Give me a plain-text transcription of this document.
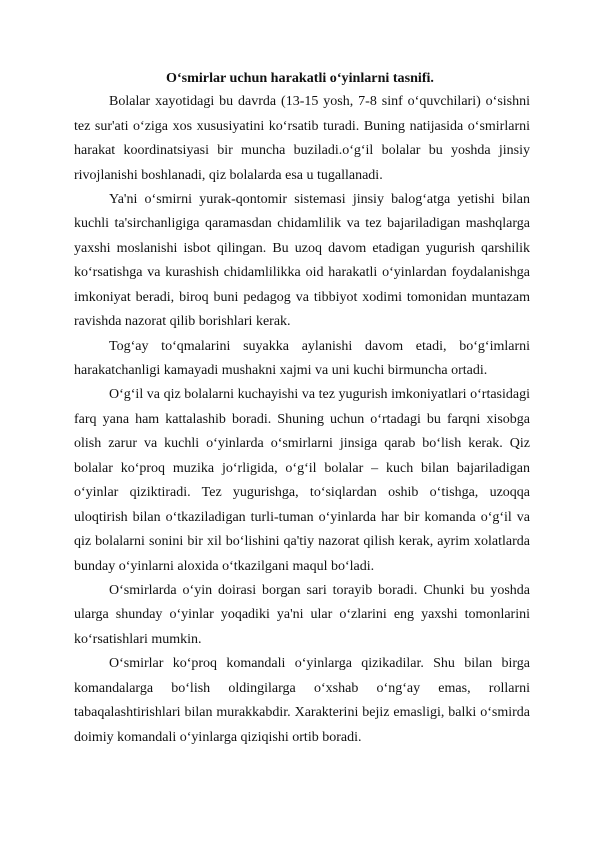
O‘smirlar uchun harakatli o‘yinlarni tasnifi.
Bolalar xayotidagi bu davrda (13-15 yosh, 7-8 sinf o‘quvchilari) o‘sishni
tez sur'ati o‘ziga xos xususiyatini ko‘rsatib turadi. Buning natijasida o‘smirlarni
harakat koordinatsiyasi bir muncha buziladi.o‘g‘il bolalar bu yoshda jinsiy
rivojlanishi boshlanadi, qiz bolalarda esa u tugallanadi.
Ya'ni o‘smirni yurak-qontomir sistemasi jinsiy balog‘atga yetishi bilan
kuchli ta'sirchanligiga qaramasdan chidamlilik va tez bajariladigan mashqlarga
yaxshi moslanishi isbot qilingan. Bu uzoq davom etadigan yugurish qarshilik
ko‘rsatishga va kurashish chidamlilikka oid harakatli o‘yinlardan foydalanishga
imkoniyat beradi, biroq buni pedagog va tibbiyot xodimi tomonidan muntazam
ravishda nazorat qilib borishlari kerak.
Tog‘ay to‘qmalarini suyakka aylanishi davom etadi, bo‘g‘imlarni
harakatchanligi kamayadi mushakni xajmi va uni kuchi birmuncha ortadi.
O‘g‘il va qiz bolalarni kuchayishi va tez yugurish imkoniyatlari o‘rtasidagi
farq yana ham kattalashib boradi. Shuning uchun o‘rtadagi bu farqni xisobga
olish zarur va kuchli o‘yinlarda o‘smirlarni jinsiga qarab bo‘lish kerak. Qiz
bolalar ko‘proq muzika jo‘rligida, o‘g‘il bolalar – kuch bilan bajariladigan
o‘yinlar qiziktiradi. Tez yugurishga, to‘siqlardan oshib o‘tishga, uzoqqa
uloqtirish bilan o‘tkaziladigan turli-tuman o‘yinlarda har bir komanda o‘g‘il va
qiz bolalarni sonini bir xil bo‘lishini qa'tiy nazorat qilish kerak, ayrim xolatlarda
bunday o‘yinlarni aloxida o‘tkazilgani maqul bo‘ladi.
O‘smirlarda o‘yin doirasi borgan sari torayib boradi. Chunki bu yoshda
ularga shunday o‘yinlar yoqadiki ya'ni ular o‘zlarini eng yaxshi tomonlarini
ko‘rsatishlari mumkin.
O‘smirlar ko‘proq komandali o‘yinlarga qizikadilar. Shu bilan birga
komandalarga bo‘lish oldingilarga o‘xshab o‘ng‘ay emas, rollarni
tabaqalashtirishlari bilan murakkabdir. Xarakterini bejiz emasligi, balki o‘smirda
doimiy komandali o‘yinlarga qiziqishi ortib boradi.
